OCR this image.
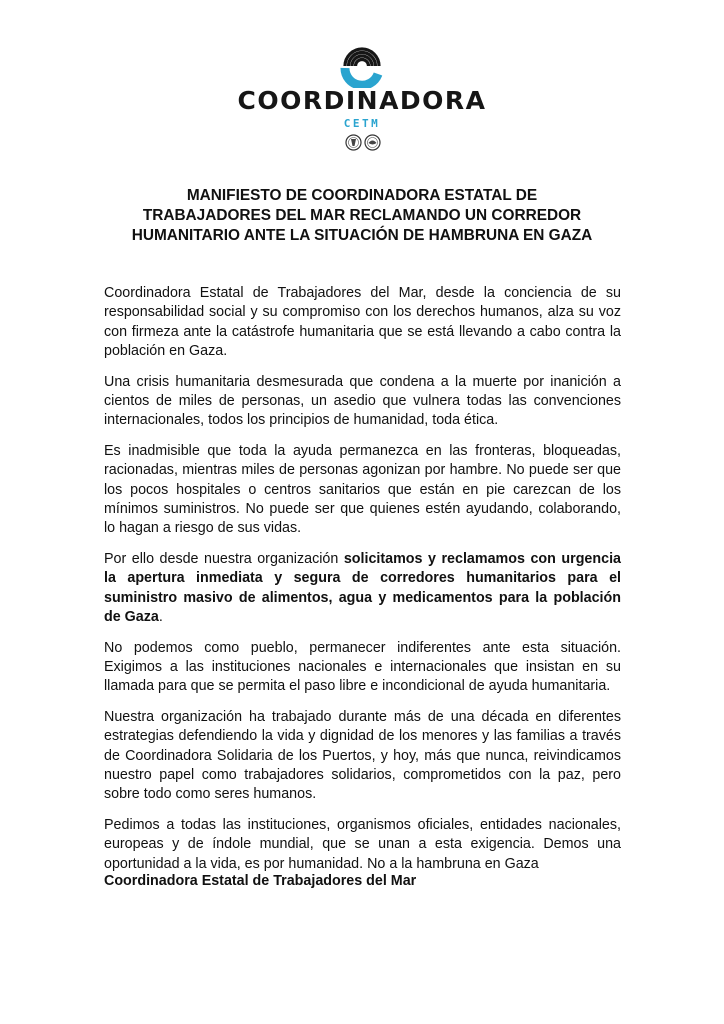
COORDINADORA
CETM
MANIFIESTO DE COORDINADORA ESTATAL DE
TRABAJADORES DEL MAR RECLAMANDO UN CORREDOR
HUMANITARIO ANTE LA SITUACIÓN DE HAMBRUNA EN GAZA

Coordinadora Estatal de Trabajadores del Mar, desde la conciencia de su responsabilidad social y su compromiso con los derechos humanos, alza su voz con firmeza ante la catástrofe humanitaria que se está llevando a cabo contra la población en Gaza.

Una crisis humanitaria desmesurada que condena a la muerte por inanición a cientos de miles de personas, un asedio que vulnera todas las convenciones internacionales, todos los principios de humanidad, toda ética.

Es inadmisible que toda la ayuda permanezca en las fronteras, bloqueadas, racionadas, mientras miles de personas agonizan por hambre. No puede ser que los pocos hospitales o centros sanitarios que están en pie carezcan de los mínimos suministros. No puede ser que quienes estén ayudando, colaborando, lo hagan a riesgo de sus vidas.

Por ello desde nuestra organización solicitamos y reclamamos con urgencia la apertura inmediata y segura de corredores humanitarios para el suministro masivo de alimentos, agua y medicamentos para la población de Gaza.

No podemos como pueblo, permanecer indiferentes ante esta situación. Exigimos a las instituciones nacionales e internacionales que insistan en su llamada para que se permita el paso libre e incondicional de ayuda humanitaria.

Nuestra organización ha trabajado durante más de una década en diferentes estrategias defendiendo la vida y dignidad de los menores y las familias a través de Coordinadora Solidaria de los Puertos, y hoy, más que nunca, reivindicamos nuestro papel como trabajadores solidarios, comprometidos con la paz, pero sobre todo como seres humanos.

Pedimos a todas las instituciones, organismos oficiales, entidades nacionales, europeas y de índole mundial, que se unan a esta exigencia. Demos una oportunidad a la vida, es por humanidad. No a la hambruna en Gaza

Coordinadora Estatal de Trabajadores del Mar
